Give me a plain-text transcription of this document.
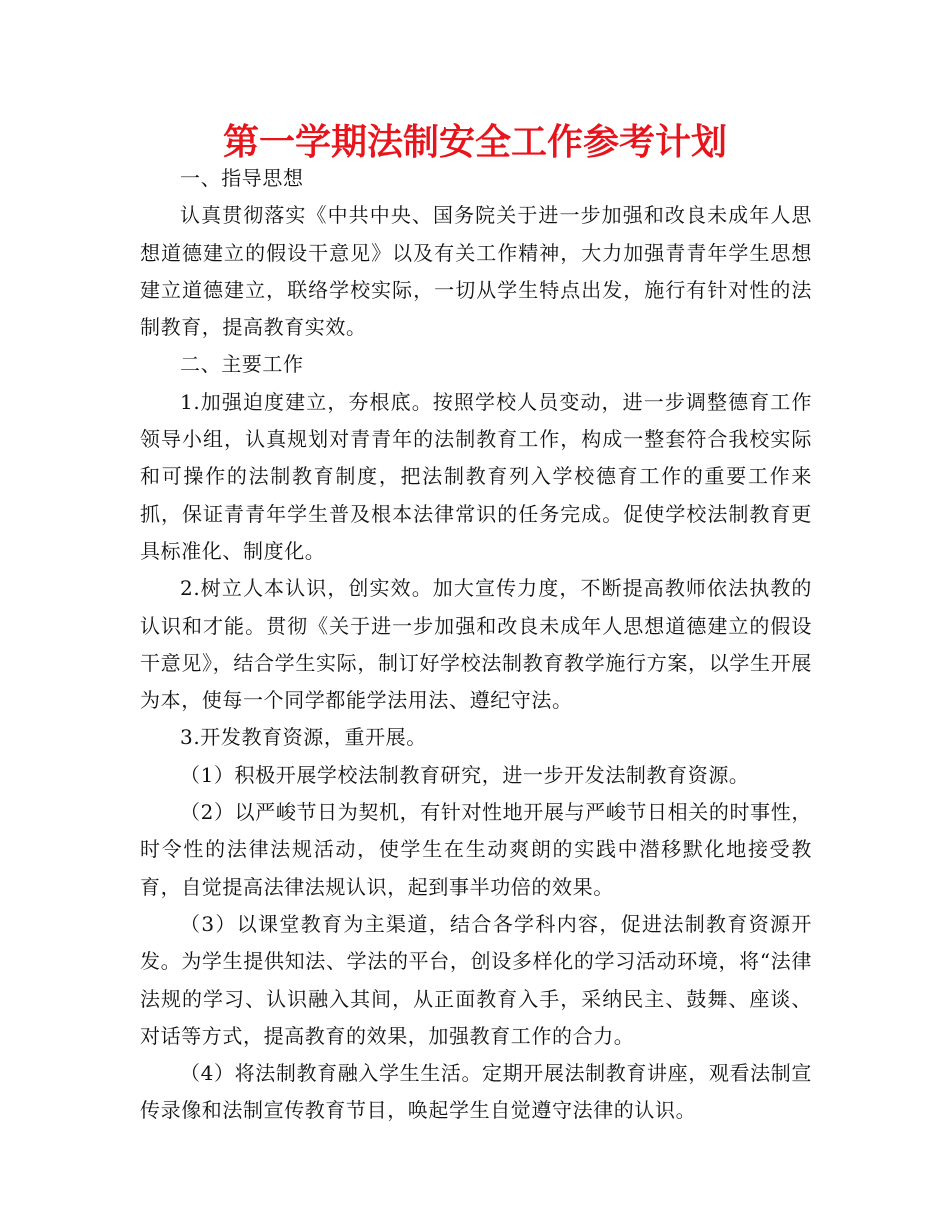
第一学期法制安全工作参考计划

一、指导思想

认真贯彻落实《中共中央、国务院关于进一步加强和改良未成年人思想道德建立的假设干意见》以及有关工作精神，大力加强青青年学生思想建立道德建立，联络学校实际，一切从学生特点出发，施行有针对性的法制教育，提高教育实效。

二、主要工作

1.加强迫度建立，夯根底。按照学校人员变动，进一步调整德育工作领导小组，认真规划对青青年的法制教育工作，构成一整套符合我校实际和可操作的法制教育制度，把法制教育列入学校德育工作的重要工作来抓，保证青青年学生普及根本法律常识的任务完成。促使学校法制教育更具标准化、制度化。

2.树立人本认识，创实效。加大宣传力度，不断提高教师依法执教的认识和才能。贯彻《关于进一步加强和改良未成年人思想道德建立的假设干意见》，结合学生实际，制订好学校法制教育教学施行方案，以学生开展为本，使每一个同学都能学法用法、遵纪守法。

3.开发教育资源，重开展。

（1）积极开展学校法制教育研究，进一步开发法制教育资源。

（2）以严峻节日为契机，有针对性地开展与严峻节日相关的时事性，时令性的法律法规活动，使学生在生动爽朗的实践中潜移默化地接受教育，自觉提高法律法规认识，起到事半功倍的效果。

（3）以课堂教育为主渠道，结合各学科内容，促进法制教育资源开发。为学生提供知法、学法的平台，创设多样化的学习活动环境，将“法律法规的学习、认识融入其间，从正面教育入手，采纳民主、鼓舞、座谈、对话等方式，提高教育的效果，加强教育工作的合力。

（4）将法制教育融入学生生活。定期开展法制教育讲座，观看法制宣传录像和法制宣传教育节目，唤起学生自觉遵守法律的认识。
